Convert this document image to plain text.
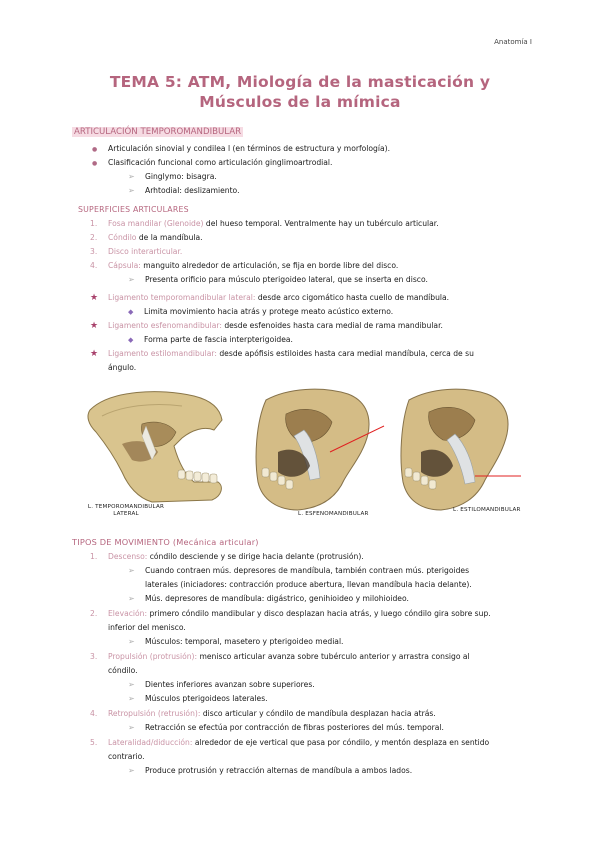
Anatomía I
TEMA 5: ATM, Miología de la masticación y
Músculos de la mímica
ARTICULACIÓN TEMPOROMANDIBULAR
● Articulación sinovial y condilea l (en términos de estructura y morfología).
● Clasificación funcional como articulación ginglimoartrodial.
➢ Ginglymo: bisagra.
➢ Arhtodial: deslizamiento.
SUPERFICIES ARTICULARES
1. Fosa mandilar (Glenoide) del hueso temporal. Ventralmente hay un tubérculo articular.
2. Cóndilo de la mandíbula.
3. Disco interarticular.
4. Cápsula: manguito alrededor de articulación, se fija en borde libre del disco.
➢ Presenta orificio para músculo pterigoideo lateral, que se inserta en disco.
★ Ligamento temporomandibular lateral: desde arco cigomático hasta cuello de mandíbula.
◆ Limita movimiento hacia atrás y protege meato acústico externo.
★ Ligamento esfenomandibular: desde esfenoides hasta cara medial de rama mandibular.
◆ Forma parte de fascia interpterigoidea.
★ Ligamento estilomandibular: desde apófisis estiloides hasta cara medial mandíbula, cerca de su
ángulo.
L. TEMPOROMANDIBULAR
LATERAL	L. ESFENOMANDIBULAR
L. ESTILOMANDIBULAR
TIPOS DE MOVIMIENTO (Mecánica articular)
1. Descenso: cóndilo desciende y se dirige hacia delante (protrusión).
➢ Cuando contraen mús. depresores de mandíbula, también contraen mús. pterigoides
laterales (iniciadores: contracción produce abertura, llevan mandíbula hacia delante).
➢ Mús. depresores de mandíbula: digástrico, genihioideo y milohioideo.
2. Elevación: primero cóndilo mandibular y disco desplazan hacia atrás, y luego cóndilo gira sobre sup.
inferior del menisco.
➢ Músculos: temporal, masetero y pterigoideo medial.
3. Propulsión (protrusión): menisco articular avanza sobre tubérculo anterior y arrastra consigo al
cóndilo.
➢ Dientes inferiores avanzan sobre superiores.
➢ Músculos pterigoideos laterales.
4. Retropulsión (retrusión): disco articular y cóndilo de mandíbula desplazan hacia atrás.
➢ Retracción se efectúa por contracción de fibras posteriores del mús. temporal.
5. Lateralidad/diducción: alrededor de eje vertical que pasa por cóndilo, y mentón desplaza en sentido
contrario.
➢ Produce protrusión y retracción alternas de mandíbula a ambos lados.
